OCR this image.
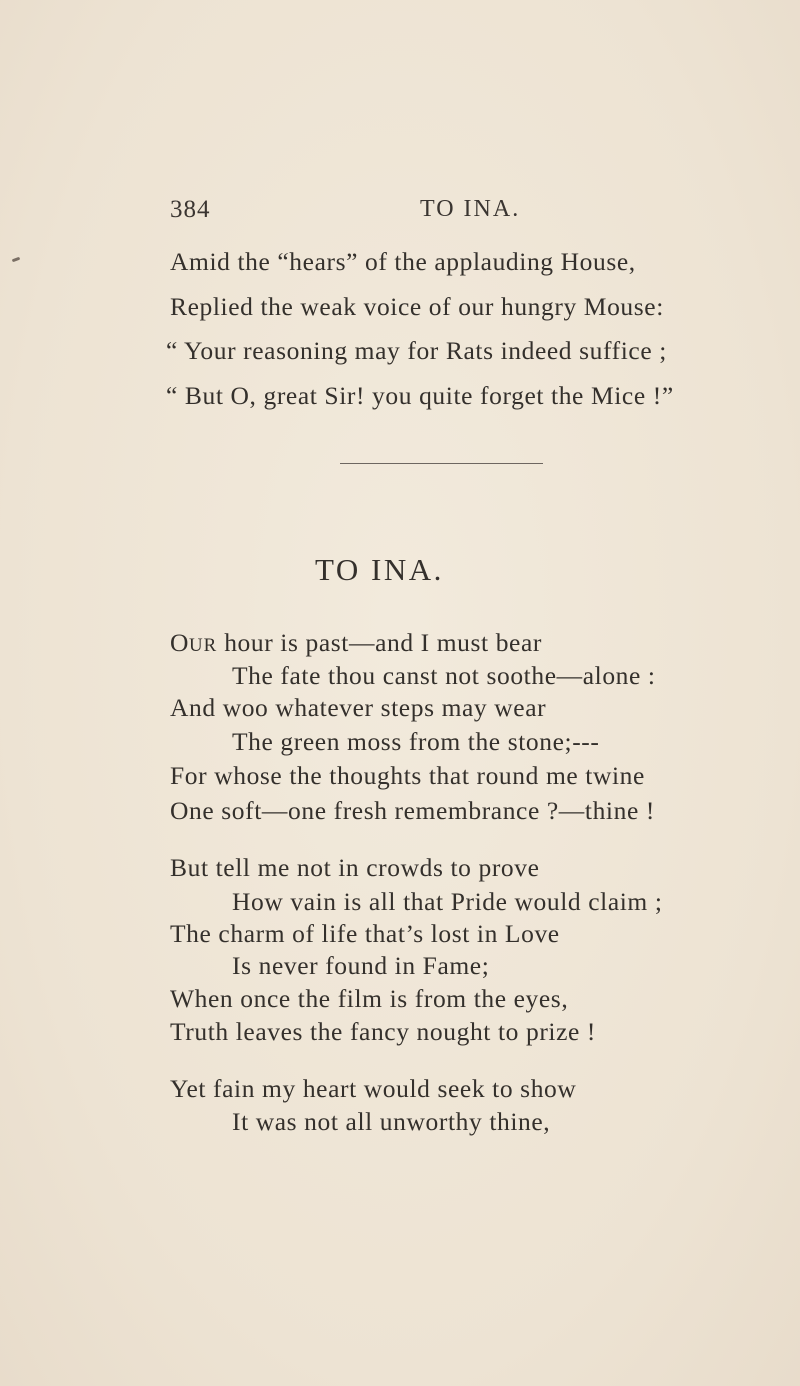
384	TO INA.
Amid the “hears” of the applauding House,
Replied the weak voice of our hungry Mouse:
“ Your reasoning may for Rats indeed suffice ;
“ But O, great Sir! you quite forget the Mice !”
TO INA.
OUR hour is past—and I must bear
The fate thou canst not soothe—alone :
And woo whatever steps may wear
The green moss from the stone;---
For whose the thoughts that round me twine
One soft—one fresh remembrance ?—thine !
But tell me not in crowds to prove
How vain is all that Pride would claim ;
The charm of life that’s lost in Love
Is never found in Fame;
When once the film is from the eyes,
Truth leaves the fancy nought to prize !
Yet fain my heart would seek to show
It was not all unworthy thine,
